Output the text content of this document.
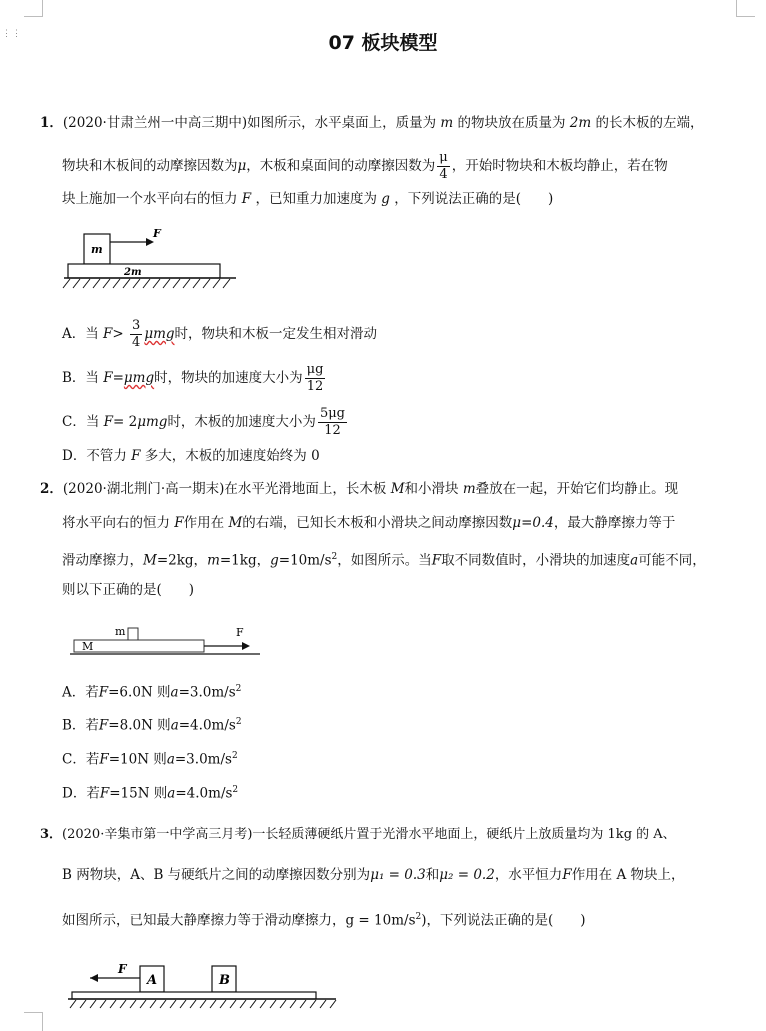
⋮⋮	07 板块模型
1．(2020·甘肃兰州一中高三期中)如图所示，水平桌面上，质量为 m 的物块放在质量为 2m 的长木板的左端，
物块和木板间的动摩擦因数为μ，木板和桌面间的动摩擦因数为 $\frac{\mu}{4}$ ，开始时物块和木板均静止，若在物
块上施加一个水平向右的恒力 F ，已知重力加速度为 g ，下列说法正确的是(　　)
m
F
2m
A．当 $F> \frac{3}{4}$ μmg时，物块和木板一定发生相对滑动
B．当 F=μmg时，物块的加速度大小为 $\frac{\mu g}{12}$
C．当 F= 2μmg时，木板的加速度大小为 $\frac{5\mu g}{12}$
D．不管力 F 多大，木板的加速度始终为 0
2．(2020·湖北荆门·高一期末)在水平光滑地面上，长木板 M和小滑块 m叠放在一起，开始它们均静止。现
将水平向右的恒力 F作用在 M的右端，已知长木板和小滑块之间动摩擦因数μ=0.4，最大静摩擦力等于
滑动摩擦力，M=2kg，m=1kg，$g=10m/s^2$，如图所示。当F取不同数值时，小滑块的加速度a可能不同，
则以下正确的是(　　)
m
M
F
A．若F=6.0N 则$a=3.0m/s^2$
B．若F=8.0N 则$a=4.0m/s^2$
C．若F=10N 则$a=3.0m/s^2$
D．若F=15N 则$a=4.0m/s^2$
3．(2020·辛集市第一中学高三月考)一长轻质薄硬纸片置于光滑水平地面上，硬纸片上放质量均为 1kg 的 A、
B 两物块，A、B 与硬纸片之间的动摩擦因数分别为μ₁ = 0.3和μ₂ = 0.2，水平恒力F作用在 A 物块上，
如图所示，已知最大静摩擦力等于滑动摩擦力，$g = 10m/s^2$)，下列说法正确的是(　　)
F
A	B
